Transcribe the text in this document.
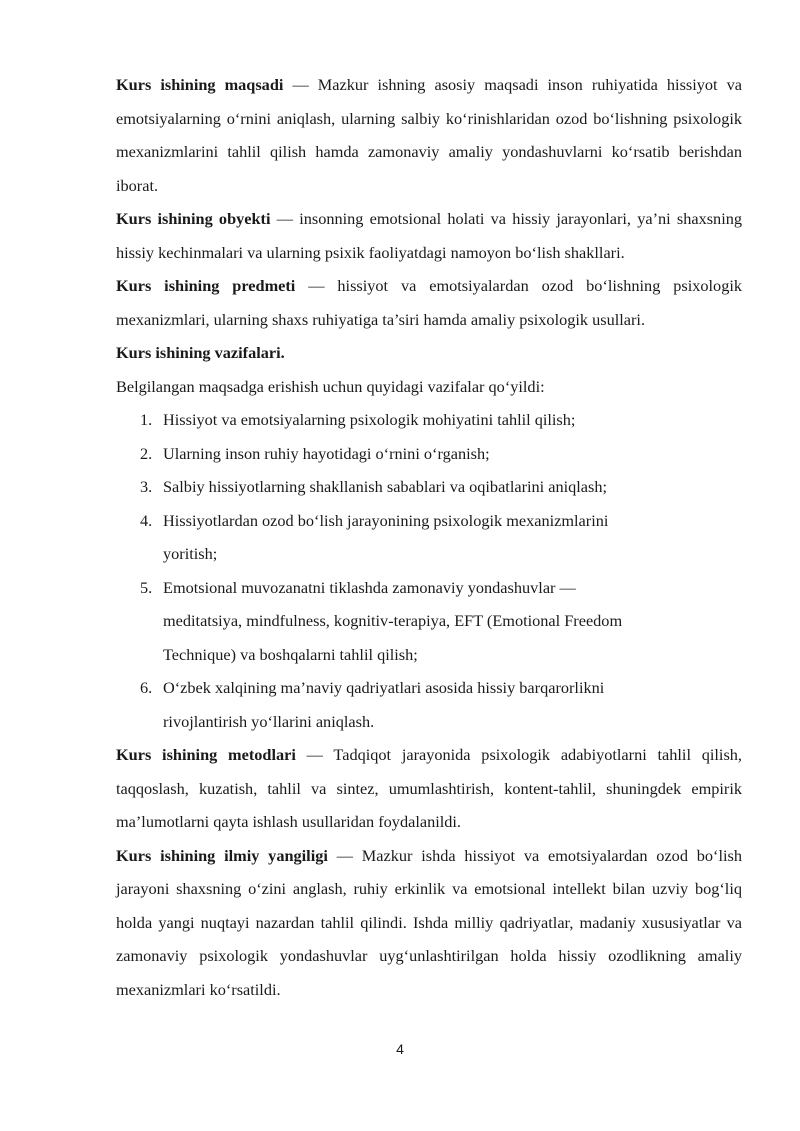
Kurs ishining maqsadi — Mazkur ishning asosiy maqsadi inson ruhiyatida hissiyot va emotsiyalarning o‘rnini aniqlash, ularning salbiy ko‘rinishlaridan ozod bo‘lishning psixologik mexanizmlarini tahlil qilish hamda zamonaviy amaliy yondashuvlarni ko‘rsatib berishdan iborat.

Kurs ishining obyekti — insonning emotsional holati va hissiy jarayonlari, ya’ni shaxsning hissiy kechinmalari va ularning psixik faoliyatdagi namoyon bo‘lish shakllari.

Kurs ishining predmeti — hissiyot va emotsiyalardan ozod bo‘lishning psixologik mexanizmlari, ularning shaxs ruhiyatiga ta’siri hamda amaliy psixologik usullari.

Kurs ishining vazifalari.

Belgilangan maqsadga erishish uchun quyidagi vazifalar qo‘yildi:

1. Hissiyot va emotsiyalarning psixologik mohiyatini tahlil qilish;
2. Ularning inson ruhiy hayotidagi o‘rnini o‘rganish;
3. Salbiy hissiyotlarning shakllanish sabablari va oqibatlarini aniqlash;
4. Hissiyotlardan ozod bo‘lish jarayonining psixologik mexanizmlarini yoritish;
5. Emotsional muvozanatni tiklashda zamonaviy yondashuvlar — meditatsiya, mindfulness, kognitiv-terapiya, EFT (Emotional Freedom Technique) va boshqalarni tahlil qilish;
6. O‘zbek xalqining ma’naviy qadriyatlari asosida hissiy barqarorlikni rivojlantirish yo‘llarini aniqlash.

Kurs ishining metodlari — Tadqiqot jarayonida psixologik adabiyotlarni tahlil qilish, taqqoslash, kuzatish, tahlil va sintez, umumlashtirish, kontent-tahlil, shuningdek empirik ma’lumotlarni qayta ishlash usullaridan foydalanildi.

Kurs ishining ilmiy yangiligi — Mazkur ishda hissiyot va emotsiyalardan ozod bo‘lish jarayoni shaxsning o‘zini anglash, ruhiy erkinlik va emotsional intellekt bilan uzviy bog‘liq holda yangi nuqtayi nazardan tahlil qilindi. Ishda milliy qadriyatlar, madaniy xususiyatlar va zamonaviy psixologik yondashuvlar uyg‘unlashtirilgan holda hissiy ozodlikning amaliy mexanizmlari ko‘rsatildi.

4
